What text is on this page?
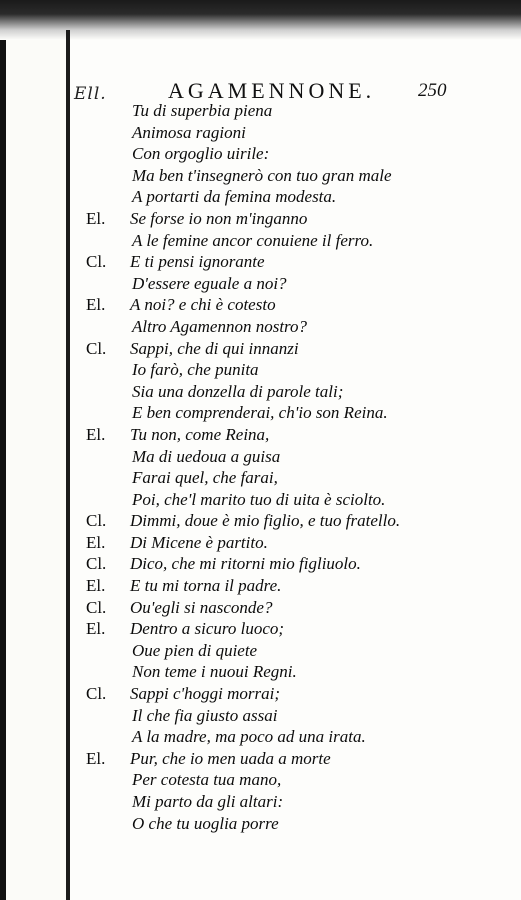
Ell.	AGAMENNONE. 250
Tu di superbia piena
Animosa ragioni
Con orgoglio uirile:
Ma ben t'insegnerò con tuo gran male
A portarti da femina modesta.
El. Se forse io non m'inganno
A le femine ancor conuiene il ferro.
Cl. E ti pensi ignorante
D'essere eguale a noi?
El. A noi? e chi è cotesto
Altro Agamennon nostro?
Cl. Sappi, che di qui innanzi
Io farò, che punita
Sia una donzella di parole tali;
E ben comprenderai, ch'io son Reina.
El. Tu non, come Reina,
Ma di uedoua a guisa
Farai quel, che farai,
Poi, che'l marito tuo di uita è sciolto.
Cl. Dimmi, doue è mio figlio, e tuo fratello.
El. Di Micene è partito.
Cl. Dico, che mi ritorni mio figliuolo.
El. E tu mi torna il padre.
Cl. Ou'egli si nasconde?
El. Dentro a sicuro luoco;
Oue pien di quiete
Non teme i nuoui Regni.
Cl. Sappi c'hoggi morrai;
Il che fia giusto assai
A la madre, ma poco ad una irata.
El. Pur, che io men uada a morte
Per cotesta tua mano,
Mi parto da gli altari:
O che tu uoglia porre
